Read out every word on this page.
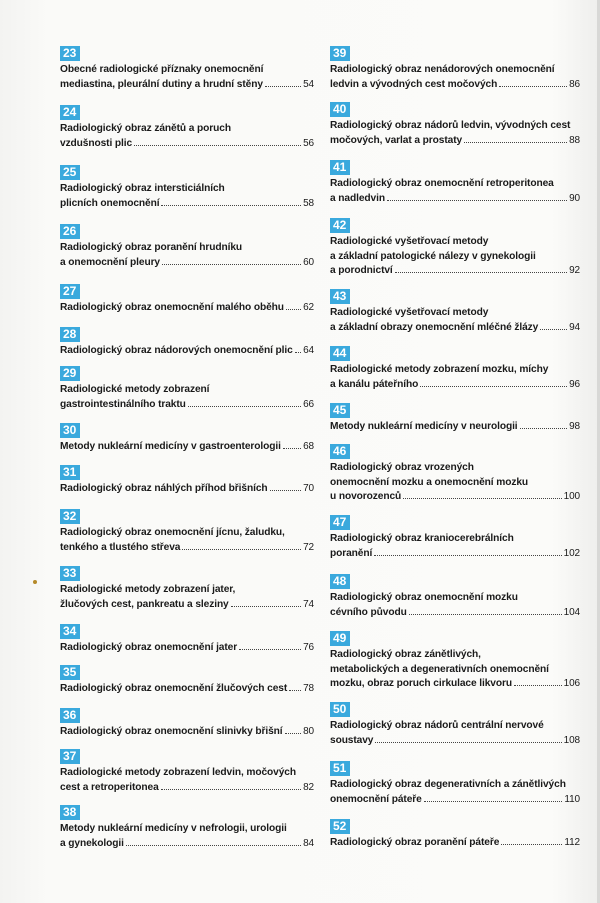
23
Obecné radiologické příznaky onemocnění
mediastina, pleurální dutiny a hrudní stěny	54
24
Radiologický obraz zánětů a poruch
vzdušnosti plic	56
25
Radiologický obraz intersticiálních
plicních onemocnění	58
26
Radiologický obraz poranění hrudníku
a onemocnění pleury	60
27
Radiologický obraz onemocnění malého oběhu 62
28
Radiologický obraz nádorových onemocnění plic 64
29
Radiologické metody zobrazení
gastrointestinálního traktu	66
30
Metody nukleární medicíny v gastroenterologii 68
31
Radiologický obraz náhlých příhod břišních	70
32
Radiologický obraz onemocnění jícnu, žaludku,
tenkého a tlustého střeva	72
33
Radiologické metody zobrazení jater,
žlučových cest, pankreatu a sleziny	74
34
Radiologický obraz onemocnění jater	76
35
Radiologický obraz onemocnění žlučových cest 78
36
Radiologický obraz onemocnění slinivky břišní 80
37
Radiologické metody zobrazení ledvin, močových
cest a retroperitonea	82
38
Metody nukleární medicíny v nefrologii, urologii
a gynekologii	84
39
Radiologický obraz nenádorových onemocnění
ledvin a vývodných cest močových	86
40
Radiologický obraz nádorů ledvin, vývodných cest
močových, varlat a prostaty	88
41
Radiologický obraz onemocnění retroperitonea
a nadledvin	90
42
Radiologické vyšetřovací metody
a základní patologické nálezy v gynekologii
a porodnictví	92
43
Radiologické vyšetřovací metody
a základní obrazy onemocnění mléčné žlázy	94
44
Radiologické metody zobrazení mozku, míchy
a kanálu páteřního	96
45
Metody nukleární medicíny v neurologii	98
46
Radiologický obraz vrozených
onemocnění mozku a onemocnění mozku
u novorozenců	100
47
Radiologický obraz kraniocerebrálních
poranění	102
48
Radiologický obraz onemocnění mozku
cévního původu	104
49
Radiologický obraz zánětlivých,
metabolických a degenerativních onemocnění
mozku, obraz poruch cirkulace likvoru	106
50
Radiologický obraz nádorů centrální nervové
soustavy	108
51
Radiologický obraz degenerativních a zánětlivých
onemocnění páteře	110
52
Radiologický obraz poranění páteře	112
